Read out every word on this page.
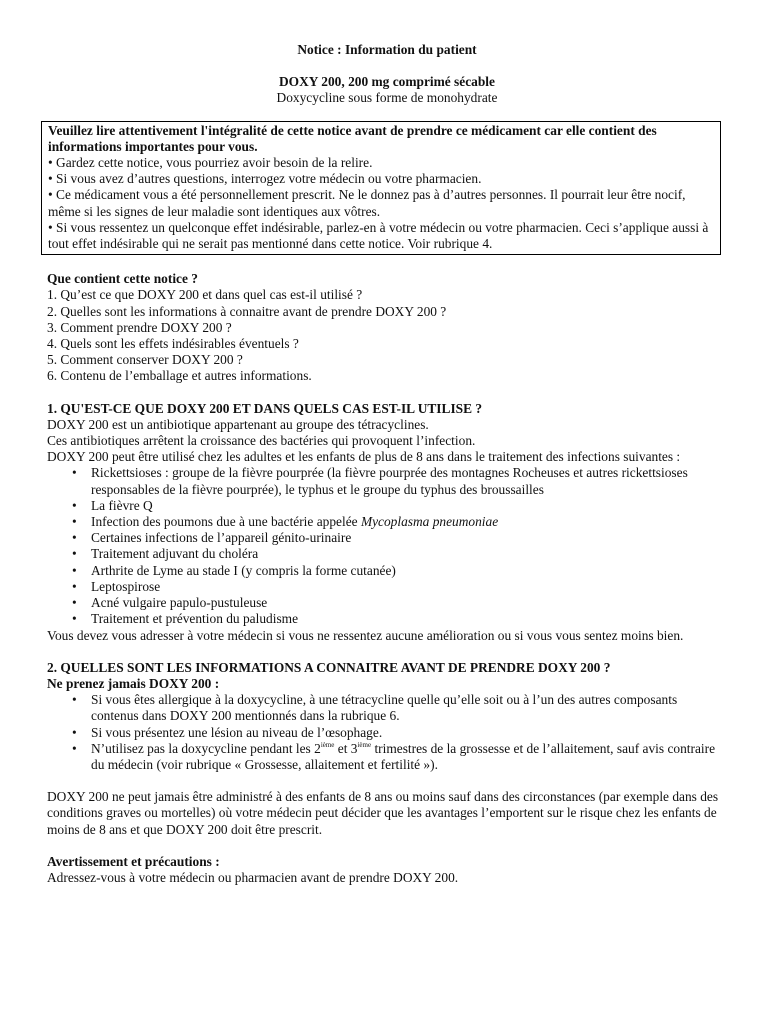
Notice : Information du patient

DOXY 200, 200 mg comprimé sécable

Doxycycline sous forme de monohydrate

Veuillez lire attentivement l'intégralité de cette notice avant de prendre ce médicament car elle contient des informations importantes pour vous.

• Gardez cette notice, vous pourriez avoir besoin de la relire.

• Si vous avez d’autres questions, interrogez votre médecin ou votre pharmacien.

• Ce médicament vous a été personnellement prescrit. Ne le donnez pas à d’autres personnes. Il pourrait leur être nocif, même si les signes de leur maladie sont identiques aux vôtres.

• Si vous ressentez un quelconque effet indésirable, parlez-en à votre médecin ou votre pharmacien. Ceci s’applique aussi à tout effet indésirable qui ne serait pas mentionné dans cette notice. Voir rubrique 4.

Que contient cette notice ?

1. Qu’est ce que DOXY 200 et dans quel cas est-il utilisé ?

2. Quelles sont les informations à connaitre avant de prendre DOXY 200 ?

3. Comment prendre DOXY 200 ?

4. Quels sont les effets indésirables éventuels ?

5. Comment conserver DOXY 200 ?

6. Contenu de l’emballage et autres informations.

1. QU'EST-CE QUE DOXY 200 ET DANS QUELS CAS EST-IL UTILISE ?

DOXY 200 est un antibiotique appartenant au groupe des tétracyclines.

Ces antibiotiques arrêtent la croissance des bactéries qui provoquent l’infection.

DOXY 200 peut être utilisé chez les adultes et les enfants de plus de 8 ans dans le traitement des infections suivantes :

• Rickettsioses : groupe de la fièvre pourprée (la fièvre pourprée des montagnes Rocheuses et autres rickettsioses responsables de la fièvre pourprée), le typhus et le groupe du typhus des broussailles
• La fièvre Q
• Infection des poumons due à une bactérie appelée Mycoplasma pneumoniae
• Certaines infections de l’appareil génito-urinaire
• Traitement adjuvant du choléra
• Arthrite de Lyme au stade I (y compris la forme cutanée)
• Leptospirose
• Acné vulgaire papulo-pustuleuse
• Traitement et prévention du paludisme

Vous devez vous adresser à votre médecin si vous ne ressentez aucune amélioration ou si vous vous sentez moins bien.

2. QUELLES SONT LES INFORMATIONS A CONNAITRE AVANT DE PRENDRE DOXY 200 ?

Ne prenez jamais DOXY 200 :

• Si vous êtes allergique à la doxycycline, à une tétracycline quelle qu’elle soit ou à l’un des autres composants contenus dans DOXY 200 mentionnés dans la rubrique 6.
• Si vous présentez une lésion au niveau de l’œsophage.
• N’utilisez pas la doxycycline pendant les 2ième et 3ième trimestres de la grossesse et de l’allaitement, sauf avis contraire du médecin (voir rubrique « Grossesse, allaitement et fertilité »).

DOXY 200 ne peut jamais être administré à des enfants de 8 ans ou moins sauf dans des circonstances (par exemple dans des conditions graves ou mortelles) où votre médecin peut décider que les avantages l’emportent sur le risque chez les enfants de moins de 8 ans et que DOXY 200 doit être prescrit.

Avertissement et précautions :

Adressez-vous à votre médecin ou pharmacien avant de prendre DOXY 200.
